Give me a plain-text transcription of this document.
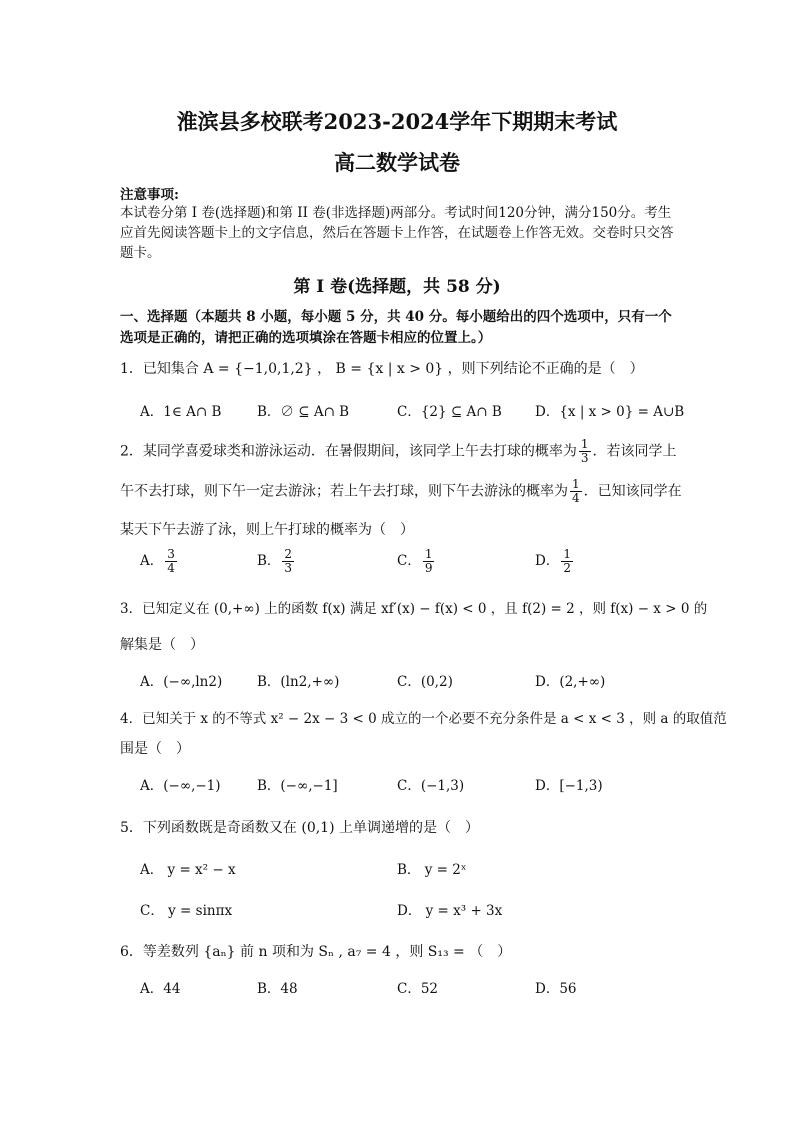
淮滨县多校联考2023-2024学年下期期末考试
高二数学试卷
注意事项:
本试卷分第 I 卷(选择题)和第 II 卷(非选择题)两部分。考试时间120分钟，满分150分。考生应首先阅读答题卡上的文字信息，然后在答题卡上作答，在试题卷上作答无效。交卷时只交答题卡。
第 I 卷(选择题，共 58 分)
一、选择题（本题共 8 小题，每小题 5 分，共 40 分。每小题给出的四个选项中，只有一个
选项是正确的，请把正确的选项填涂在答题卡相应的位置上。）
1．已知集合 A = {−1,0,1,2} ， B = {x | x > 0} ，则下列结论不正确的是（　）
A．1∈ A∩ B	B．∅ ⊆ A∩ B	C．{2} ⊆ A∩ B D．{x | x > 0} = A∪B
2．某同学喜爱球类和游泳运动．在暑假期间，该同学上午去打球的概率为 $\frac{1}{3}$ ．若该同学上
午不去打球，则下午一定去游泳；若上午去打球，则下午去游泳的概率为 $\frac{1}{4}$ ．已知该同学在
某天下午去游了泳，则上午打球的概率为（　）
A． $\frac{3}{4}$	B． $\frac{2}{3}$	C． $\frac{1}{9}$	D． $\frac{1}{2}$
3．已知定义在 (0,+∞) 上的函数 f(x) 满足 xf′(x) − f(x) < 0 ，且 f(2) = 2 ，则 f(x) − x > 0 的
解集是（　）
A．(−∞,ln2)	B．(ln2,+∞)	C．(0,2)	D．(2,+∞)
4．已知关于 x 的不等式 x² − 2x − 3 < 0 成立的一个必要不充分条件是 a < x < 3 ，则 a 的取值范
围是（　）
A．(−∞,−1)	B．(−∞,−1]	C．(−1,3)	D．[−1,3)
5．下列函数既是奇函数又在 (0,1) 上单调递增的是（　）
A． y = x² − x	B． y = 2ˣ
C． y = sinπx	D． y = x³ + 3x
6．等差数列 {aₙ} 前 n 项和为 Sₙ , a₇ = 4 ，则 S₁₃ = （　）
A．44	B．48	C．52	D．56
